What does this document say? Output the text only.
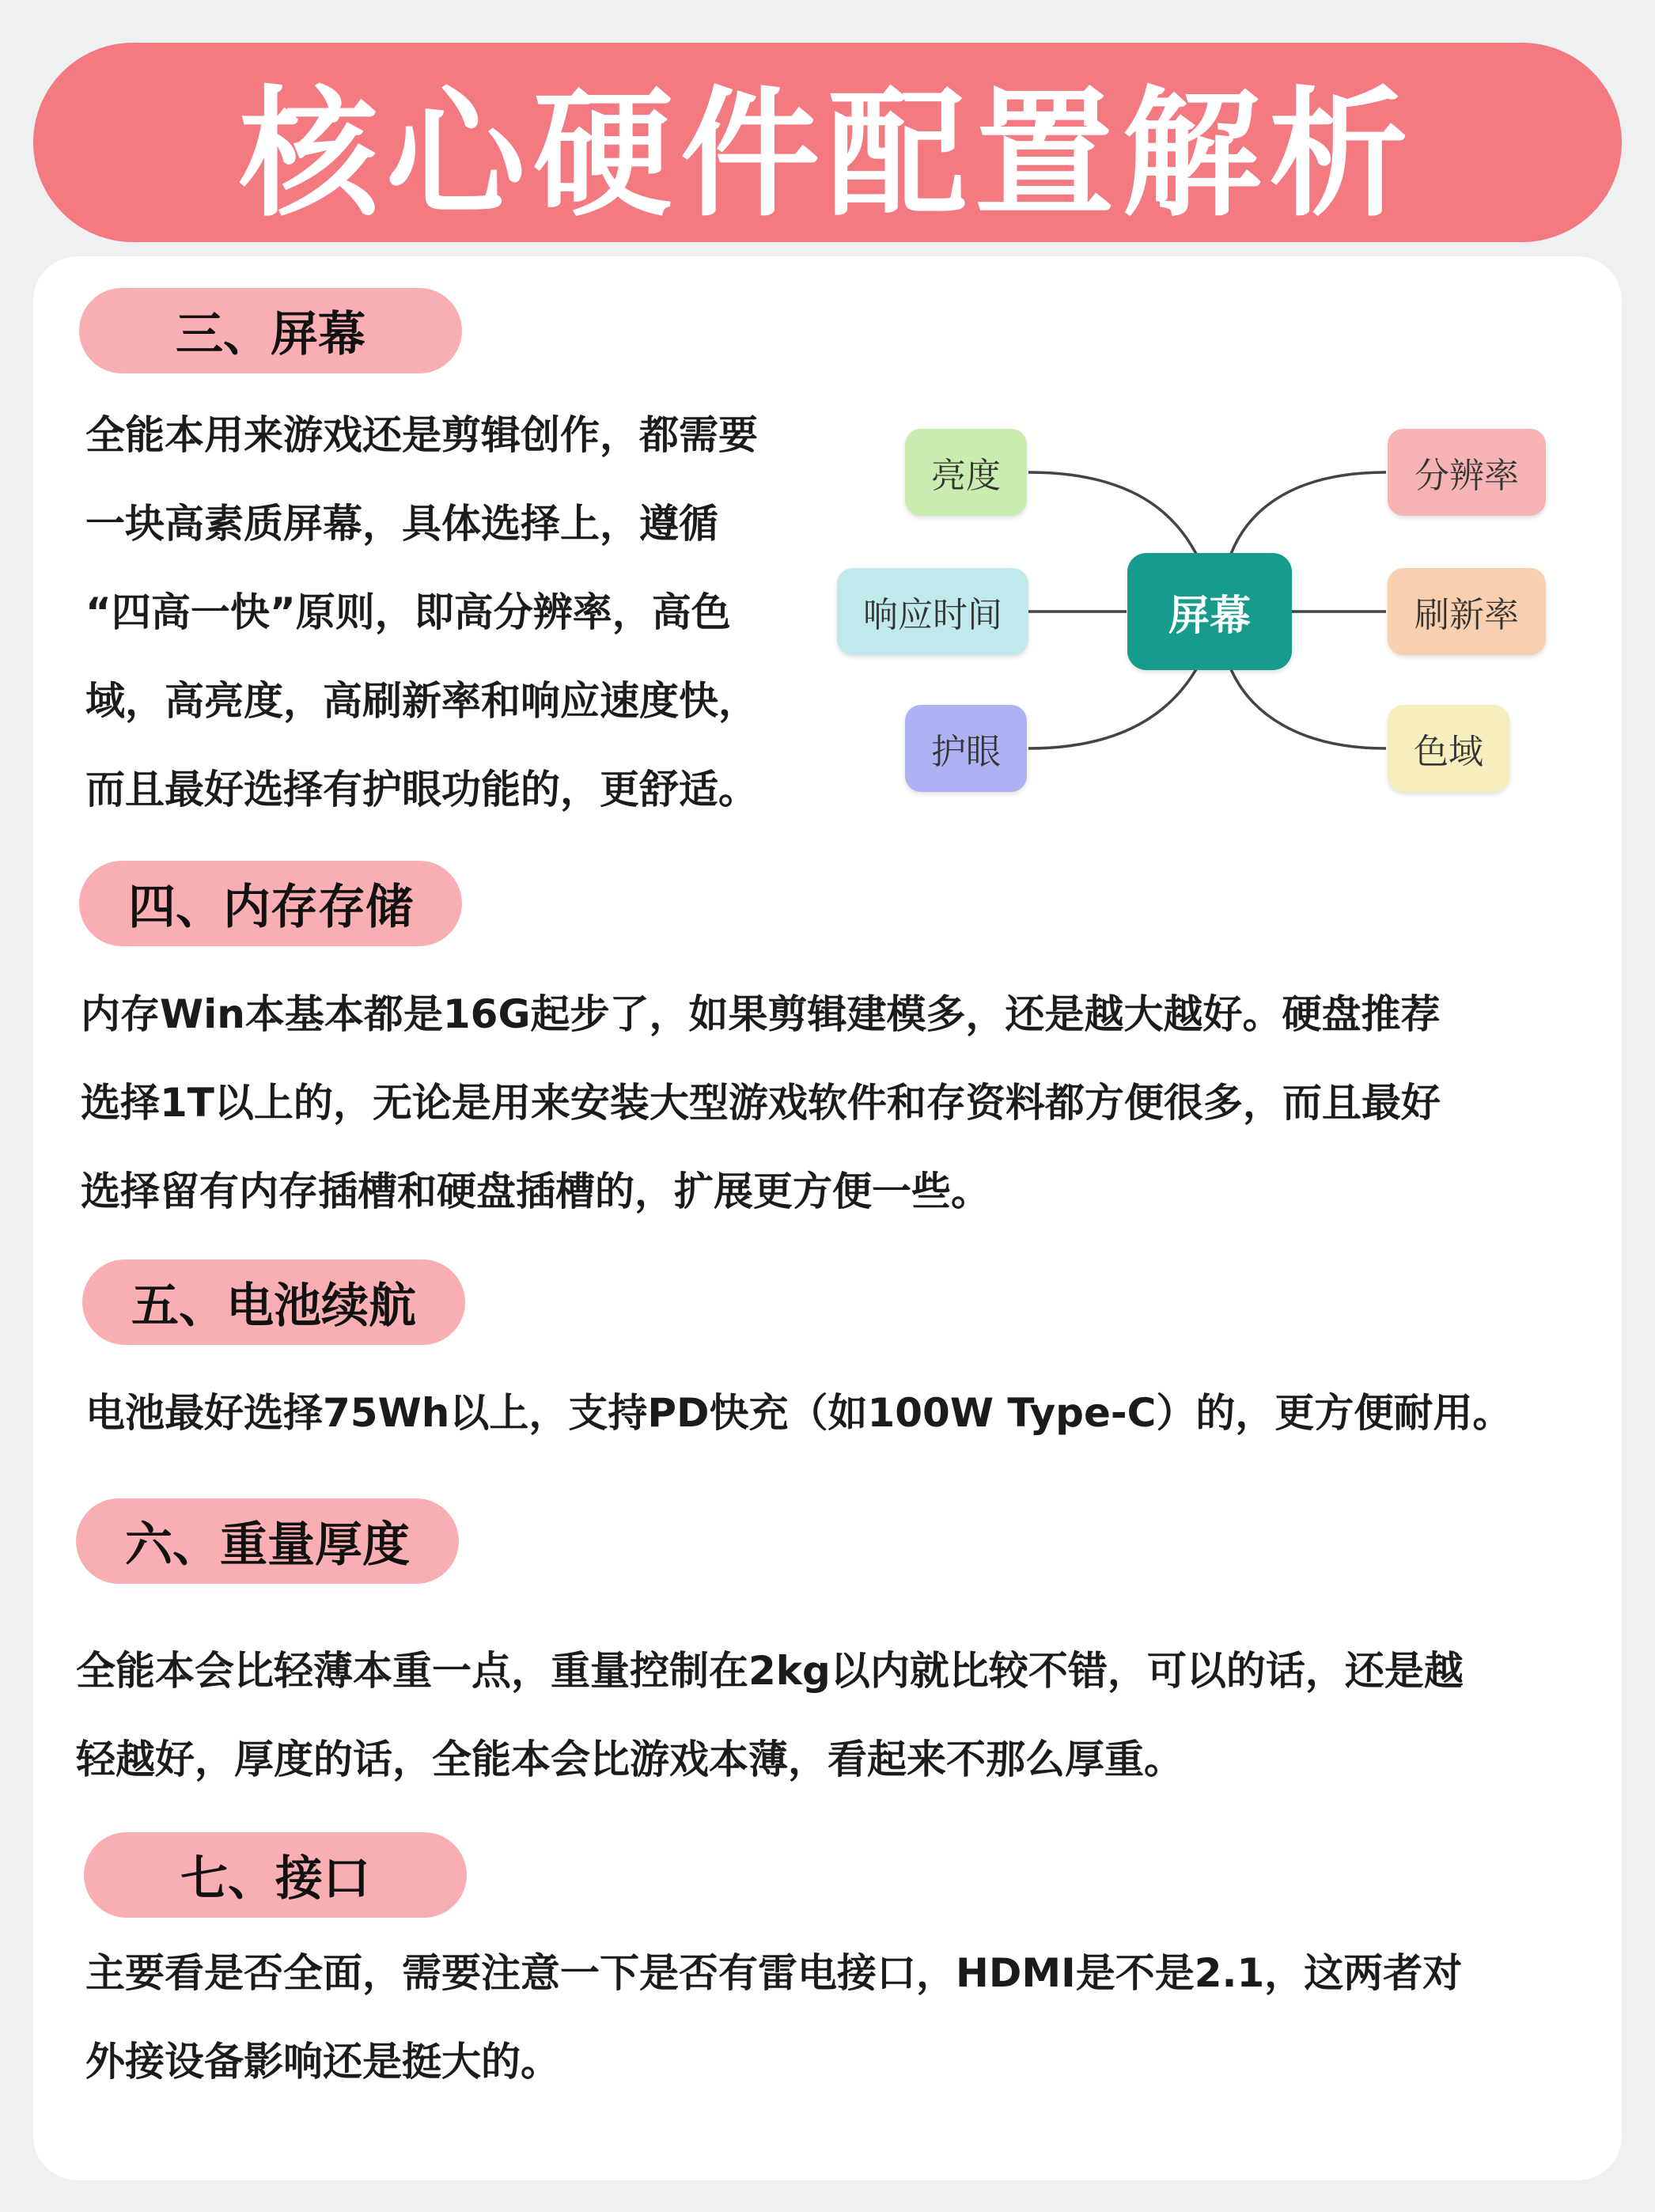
核心硬件配置解析
三、屏幕
全能本用来游戏还是剪辑创作，都需要
一块高素质屏幕，具体选择上，遵循
“四高一快”原则，即高分辨率，高色
域，高亮度，高刷新率和响应速度快，
而且最好选择有护眼功能的，更舒适。
屏幕
亮度
响应时间
护眼
分辨率
刷新率
色域
四、内存存储
内存Win本基本都是16G起步了，如果剪辑建模多，还是越大越好。硬盘推荐
选择1T以上的，无论是用来安装大型游戏软件和存资料都方便很多，而且最好
选择留有内存插槽和硬盘插槽的，扩展更方便一些。
五、电池续航
电池最好选择75Wh以上，支持PD快充（如100W Type-C）的，更方便耐用。
六、重量厚度
全能本会比轻薄本重一点，重量控制在2kg以内就比较不错，可以的话，还是越
轻越好，厚度的话，全能本会比游戏本薄，看起来不那么厚重。
七、接口
主要看是否全面，需要注意一下是否有雷电接口，HDMI是不是2.1，这两者对
外接设备影响还是挺大的。
